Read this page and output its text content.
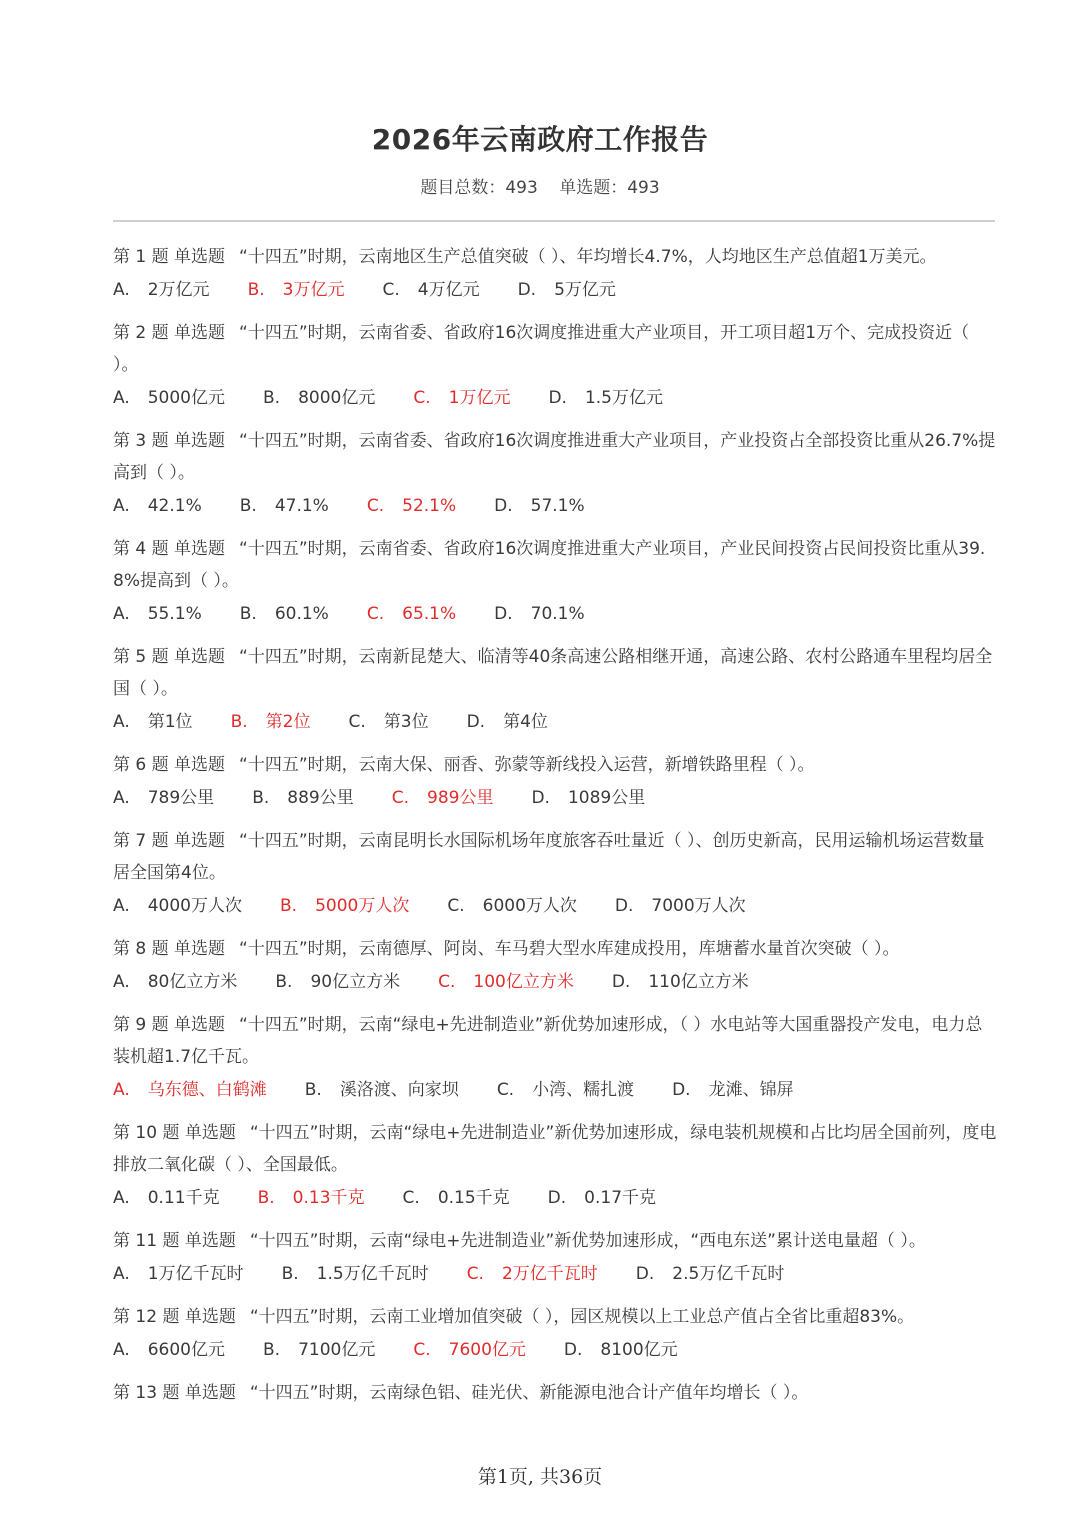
2026年云南政府工作报告
题目总数：493 单选题：493
第 1 题 单选题 “十四五”时期，云南地区生产总值突破（ ）、年均增长4.7%，人均地区生产总值超1万美元。
A. 2万亿元 B. 3万亿元 C. 4万亿元 D. 5万亿元
第 2 题 单选题 “十四五”时期，云南省委、省政府16次调度推进重大产业项目，开工项目超1万个、完成投资近（ ）。
A. 5000亿元 B. 8000亿元 C. 1万亿元 D. 1.5万亿元
第 3 题 单选题 “十四五”时期，云南省委、省政府16次调度推进重大产业项目，产业投资占全部投资比重从26.7%提高到（ ）。
A. 42.1% B. 47.1% C. 52.1% D. 57.1%
第 4 题 单选题 “十四五”时期，云南省委、省政府16次调度推进重大产业项目，产业民间投资占民间投资比重从39.8%提高到（ ）。
A. 55.1% B. 60.1% C. 65.1% D. 70.1%
第 5 题 单选题 “十四五”时期，云南新昆楚大、临清等40条高速公路相继开通，高速公路、农村公路通车里程均居全国（ ）。
A. 第1位 B. 第2位 C. 第3位 D. 第4位
第 6 题 单选题 “十四五”时期，云南大保、丽香、弥蒙等新线投入运营，新增铁路里程（ ）。
A. 789公里 B. 889公里 C. 989公里 D. 1089公里
第 7 题 单选题 “十四五”时期，云南昆明长水国际机场年度旅客吞吐量近（ ）、创历史新高，民用运输机场运营数量居全国第4位。
A. 4000万人次 B. 5000万人次 C. 6000万人次 D. 7000万人次
第 8 题 单选题 “十四五”时期，云南德厚、阿岗、车马碧大型水库建成投用，库塘蓄水量首次突破（ ）。
A. 80亿立方米 B. 90亿立方米 C. 100亿立方米 D. 110亿立方米
第 9 题 单选题 “十四五”时期，云南“绿电+先进制造业”新优势加速形成，（ ）水电站等大国重器投产发电，电力总装机超1.7亿千瓦。
A. 乌东德、白鹤滩 B. 溪洛渡、向家坝 C. 小湾、糯扎渡 D. 龙滩、锦屏
第 10 题 单选题 “十四五”时期，云南“绿电+先进制造业”新优势加速形成，绿电装机规模和占比均居全国前列，度电排放二氧化碳（ ）、全国最低。
A. 0.11千克 B. 0.13千克 C. 0.15千克 D. 0.17千克
第 11 题 单选题 “十四五”时期，云南“绿电+先进制造业”新优势加速形成，“西电东送”累计送电量超（ ）。
A. 1万亿千瓦时 B. 1.5万亿千瓦时 C. 2万亿千瓦时 D. 2.5万亿千瓦时
第 12 题 单选题 “十四五”时期，云南工业增加值突破（ ），园区规模以上工业总产值占全省比重超83%。
A. 6600亿元 B. 7100亿元 C. 7600亿元 D. 8100亿元
第 13 题 单选题 “十四五”时期，云南绿色铝、硅光伏、新能源电池合计产值年均增长（ ）。
第1页, 共36页
